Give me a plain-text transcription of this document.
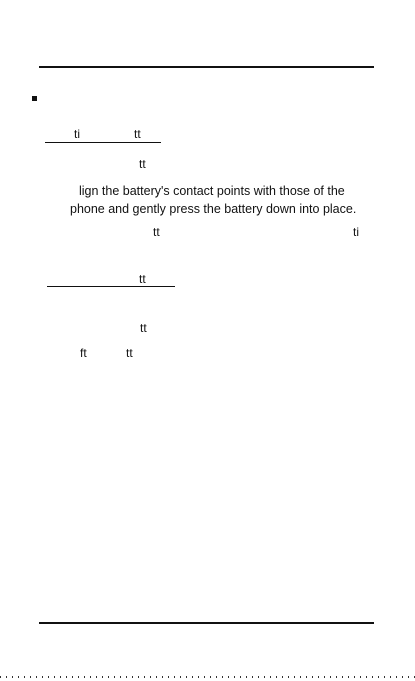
ti	tt
tt
lign the battery's contact points with those of the
phone and gently press the battery down into place.
tt	ti
tt
tt
ft	tt
